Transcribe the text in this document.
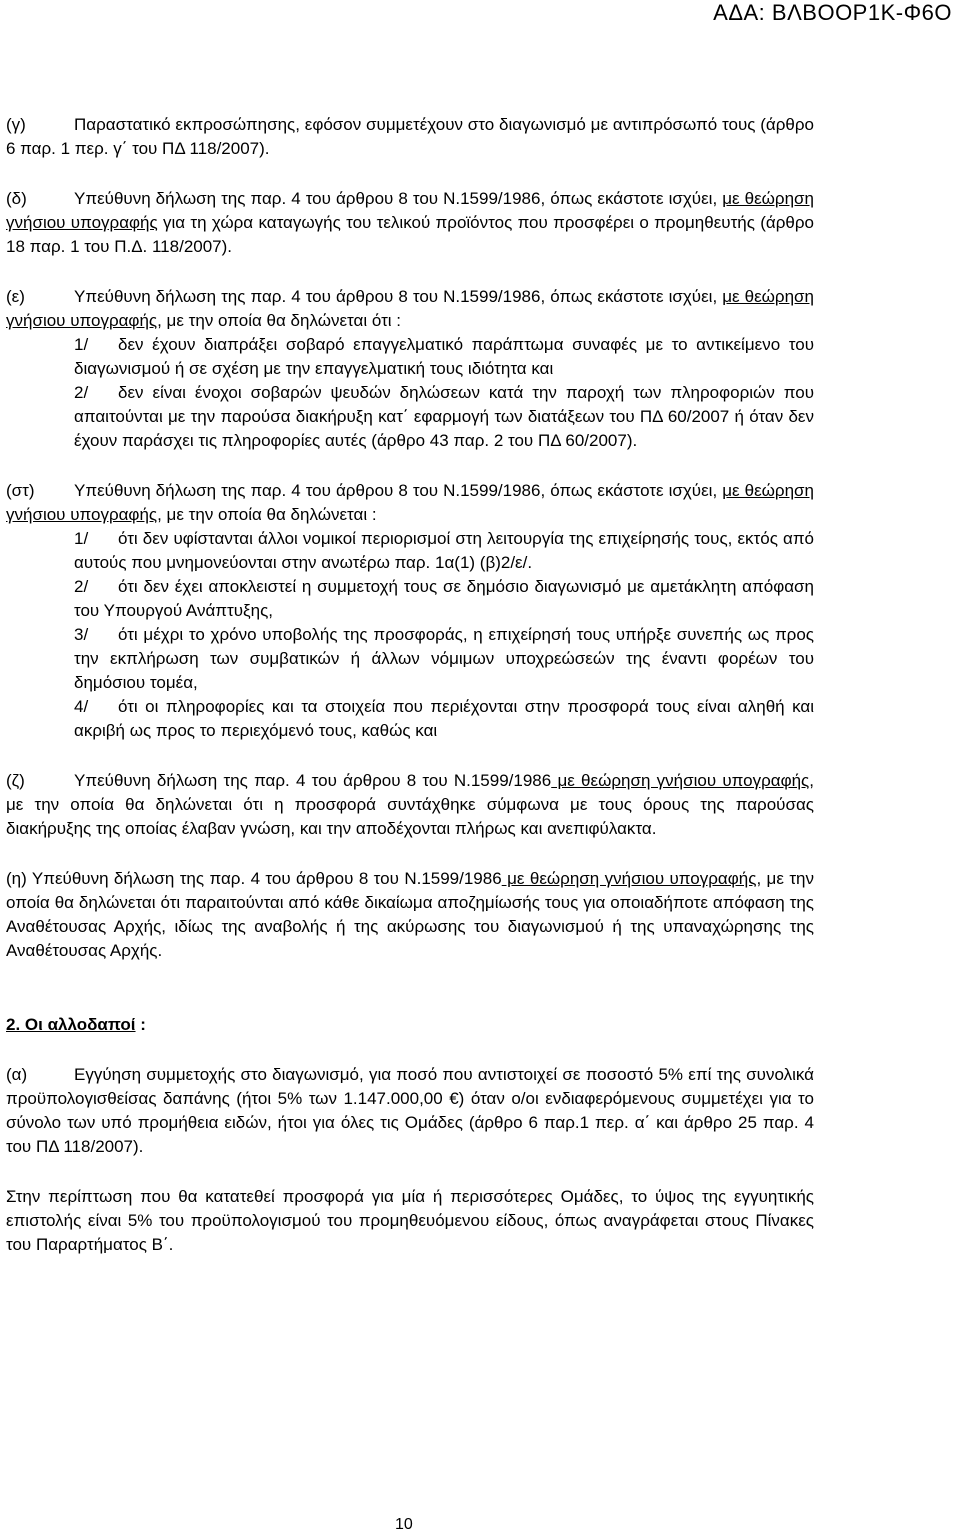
ΑΔΑ: ΒΛΒΟΟΡ1Κ-Φ6Ο

(γ)	Παραστατικό εκπροσώπησης, εφόσον συμμετέχουν στο διαγωνισμό με αντιπρόσωπό τους (άρθρο 6 παρ. 1 περ. γ΄ του ΠΔ 118/2007).

(δ)	Υπεύθυνη δήλωση της παρ. 4 του άρθρου 8 του Ν.1599/1986, όπως εκάστοτε ισχύει, με θεώρηση γνήσιου υπογραφής για τη χώρα καταγωγής του τελικού προϊόντος που προσφέρει ο προμηθευτής (άρθρο 18 παρ. 1 του Π.Δ. 118/2007).

(ε)	Υπεύθυνη δήλωση της παρ. 4 του άρθρου 8 του Ν.1599/1986, όπως εκάστοτε ισχύει, με θεώρηση γνήσιου υπογραφής, με την οποία θα δηλώνεται ότι :

1/ δεν έχουν διαπράξει σοβαρό επαγγελματικό παράπτωμα συναφές με το αντικείμενο του διαγωνισμού ή σε σχέση με την επαγγελματική τους ιδιότητα και

2/ δεν είναι ένοχοι σοβαρών ψευδών δηλώσεων κατά την παροχή των πληροφοριών που απαιτούνται με την παρούσα διακήρυξη κατ΄ εφαρμογή των διατάξεων του ΠΔ 60/2007 ή όταν δεν έχουν παράσχει τις πληροφορίες αυτές (άρθρο 43 παρ. 2 του ΠΔ 60/2007).

(στ) Υπεύθυνη δήλωση της παρ. 4 του άρθρου 8 του Ν.1599/1986, όπως εκάστοτε ισχύει, με θεώρηση γνήσιου υπογραφής, με την οποία θα δηλώνεται :

1/ ότι δεν υφίστανται άλλοι νομικοί περιορισμοί στη λειτουργία της επιχείρησής τους, εκτός από αυτούς που μνημονεύονται στην ανωτέρω παρ. 1α(1) (β)2/ε/.

2/ ότι δεν έχει αποκλειστεί η συμμετοχή τους σε δημόσιο διαγωνισμό με αμετάκλητη απόφαση του Υπουργού Ανάπτυξης,

3/ ότι μέχρι το χρόνο υποβολής της προσφοράς, η επιχείρησή τους υπήρξε συνεπής ως προς την εκπλήρωση των συμβατικών ή άλλων νόμιμων υποχρεώσεών της έναντι φορέων του δημόσιου τομέα,

4/ ότι οι πληροφορίες και τα στοιχεία που περιέχονται στην προσφορά τους είναι αληθή και ακριβή ως προς το περιεχόμενό τους, καθώς και

(ζ)	Υπεύθυνη δήλωση της παρ. 4 του άρθρου 8 του Ν.1599/1986 με θεώρηση γνήσιου υπογραφής, με την οποία θα δηλώνεται ότι η προσφορά συντάχθηκε σύμφωνα με τους όρους της παρούσας διακήρυξης της οποίας έλαβαν γνώση, και την αποδέχονται πλήρως και ανεπιφύλακτα.

(η) Υπεύθυνη δήλωση της παρ. 4 του άρθρου 8 του Ν.1599/1986 με θεώρηση γνήσιου υπογραφής, με την οποία θα δηλώνεται ότι παραιτούνται από κάθε δικαίωμα αποζημίωσής τους για οποιαδήποτε απόφαση της Αναθέτουσας Αρχής, ιδίως της αναβολής ή της ακύρωσης του διαγωνισμού ή της υπαναχώρησης της Αναθέτουσας Αρχής.

2. Οι αλλοδαποί :

(α)	Εγγύηση συμμετοχής στο διαγωνισμό, για ποσό που αντιστοιχεί σε ποσοστό 5% επί της συνολικά προϋπολογισθείσας δαπάνης (ήτοι 5% των 1.147.000,00 €) όταν ο/οι ενδιαφερόμενους συμμετέχει για το σύνολο των υπό προμήθεια ειδών, ήτοι για όλες τις Ομάδες (άρθρο 6 παρ.1 περ. α΄ και άρθρο 25 παρ. 4 του ΠΔ 118/2007).

Στην περίπτωση που θα κατατεθεί προσφορά για μία ή περισσότερες Ομάδες, το ύψος της εγγυητικής επιστολής είναι 5% του προϋπολογισμού του προμηθευόμενου είδους, όπως αναγράφεται στους Πίνακες του Παραρτήματος Β΄.

10
